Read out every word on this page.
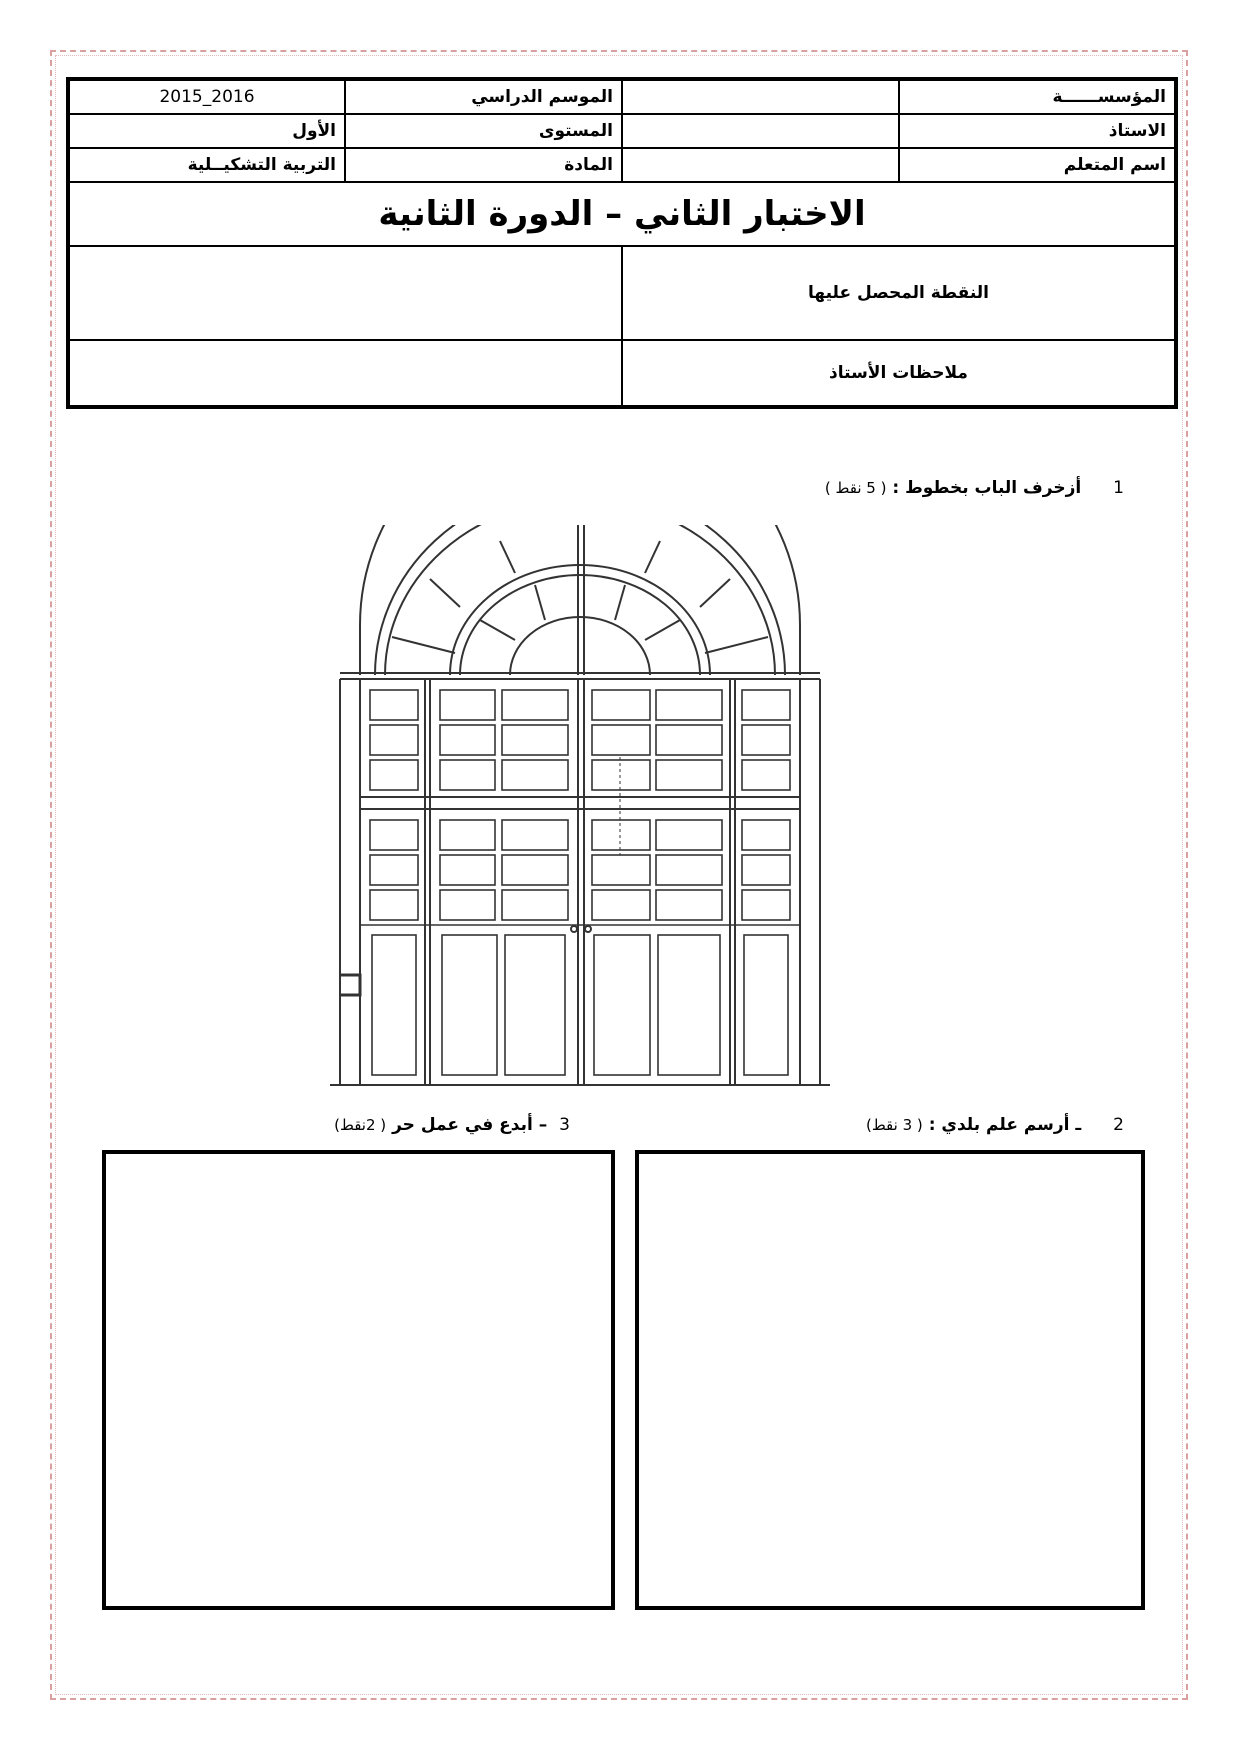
المؤسســــــة		الموسم الدراسي	2016_2015
الاستاذ		المستوى	الأول
اسم المتعلم		المادة	التربية التشكيــلية
الاختبار الثاني – الدورة الثانية			
النقطة المحصل عليها			
ملاحظات الأستاذ			
1 أزخرف الباب بخطوط : ( 5 نقط )
2 ـ أرسم علم بلدي : ( 3 نقط)
3 – أبدع في عمل حر ( 2نقط)
